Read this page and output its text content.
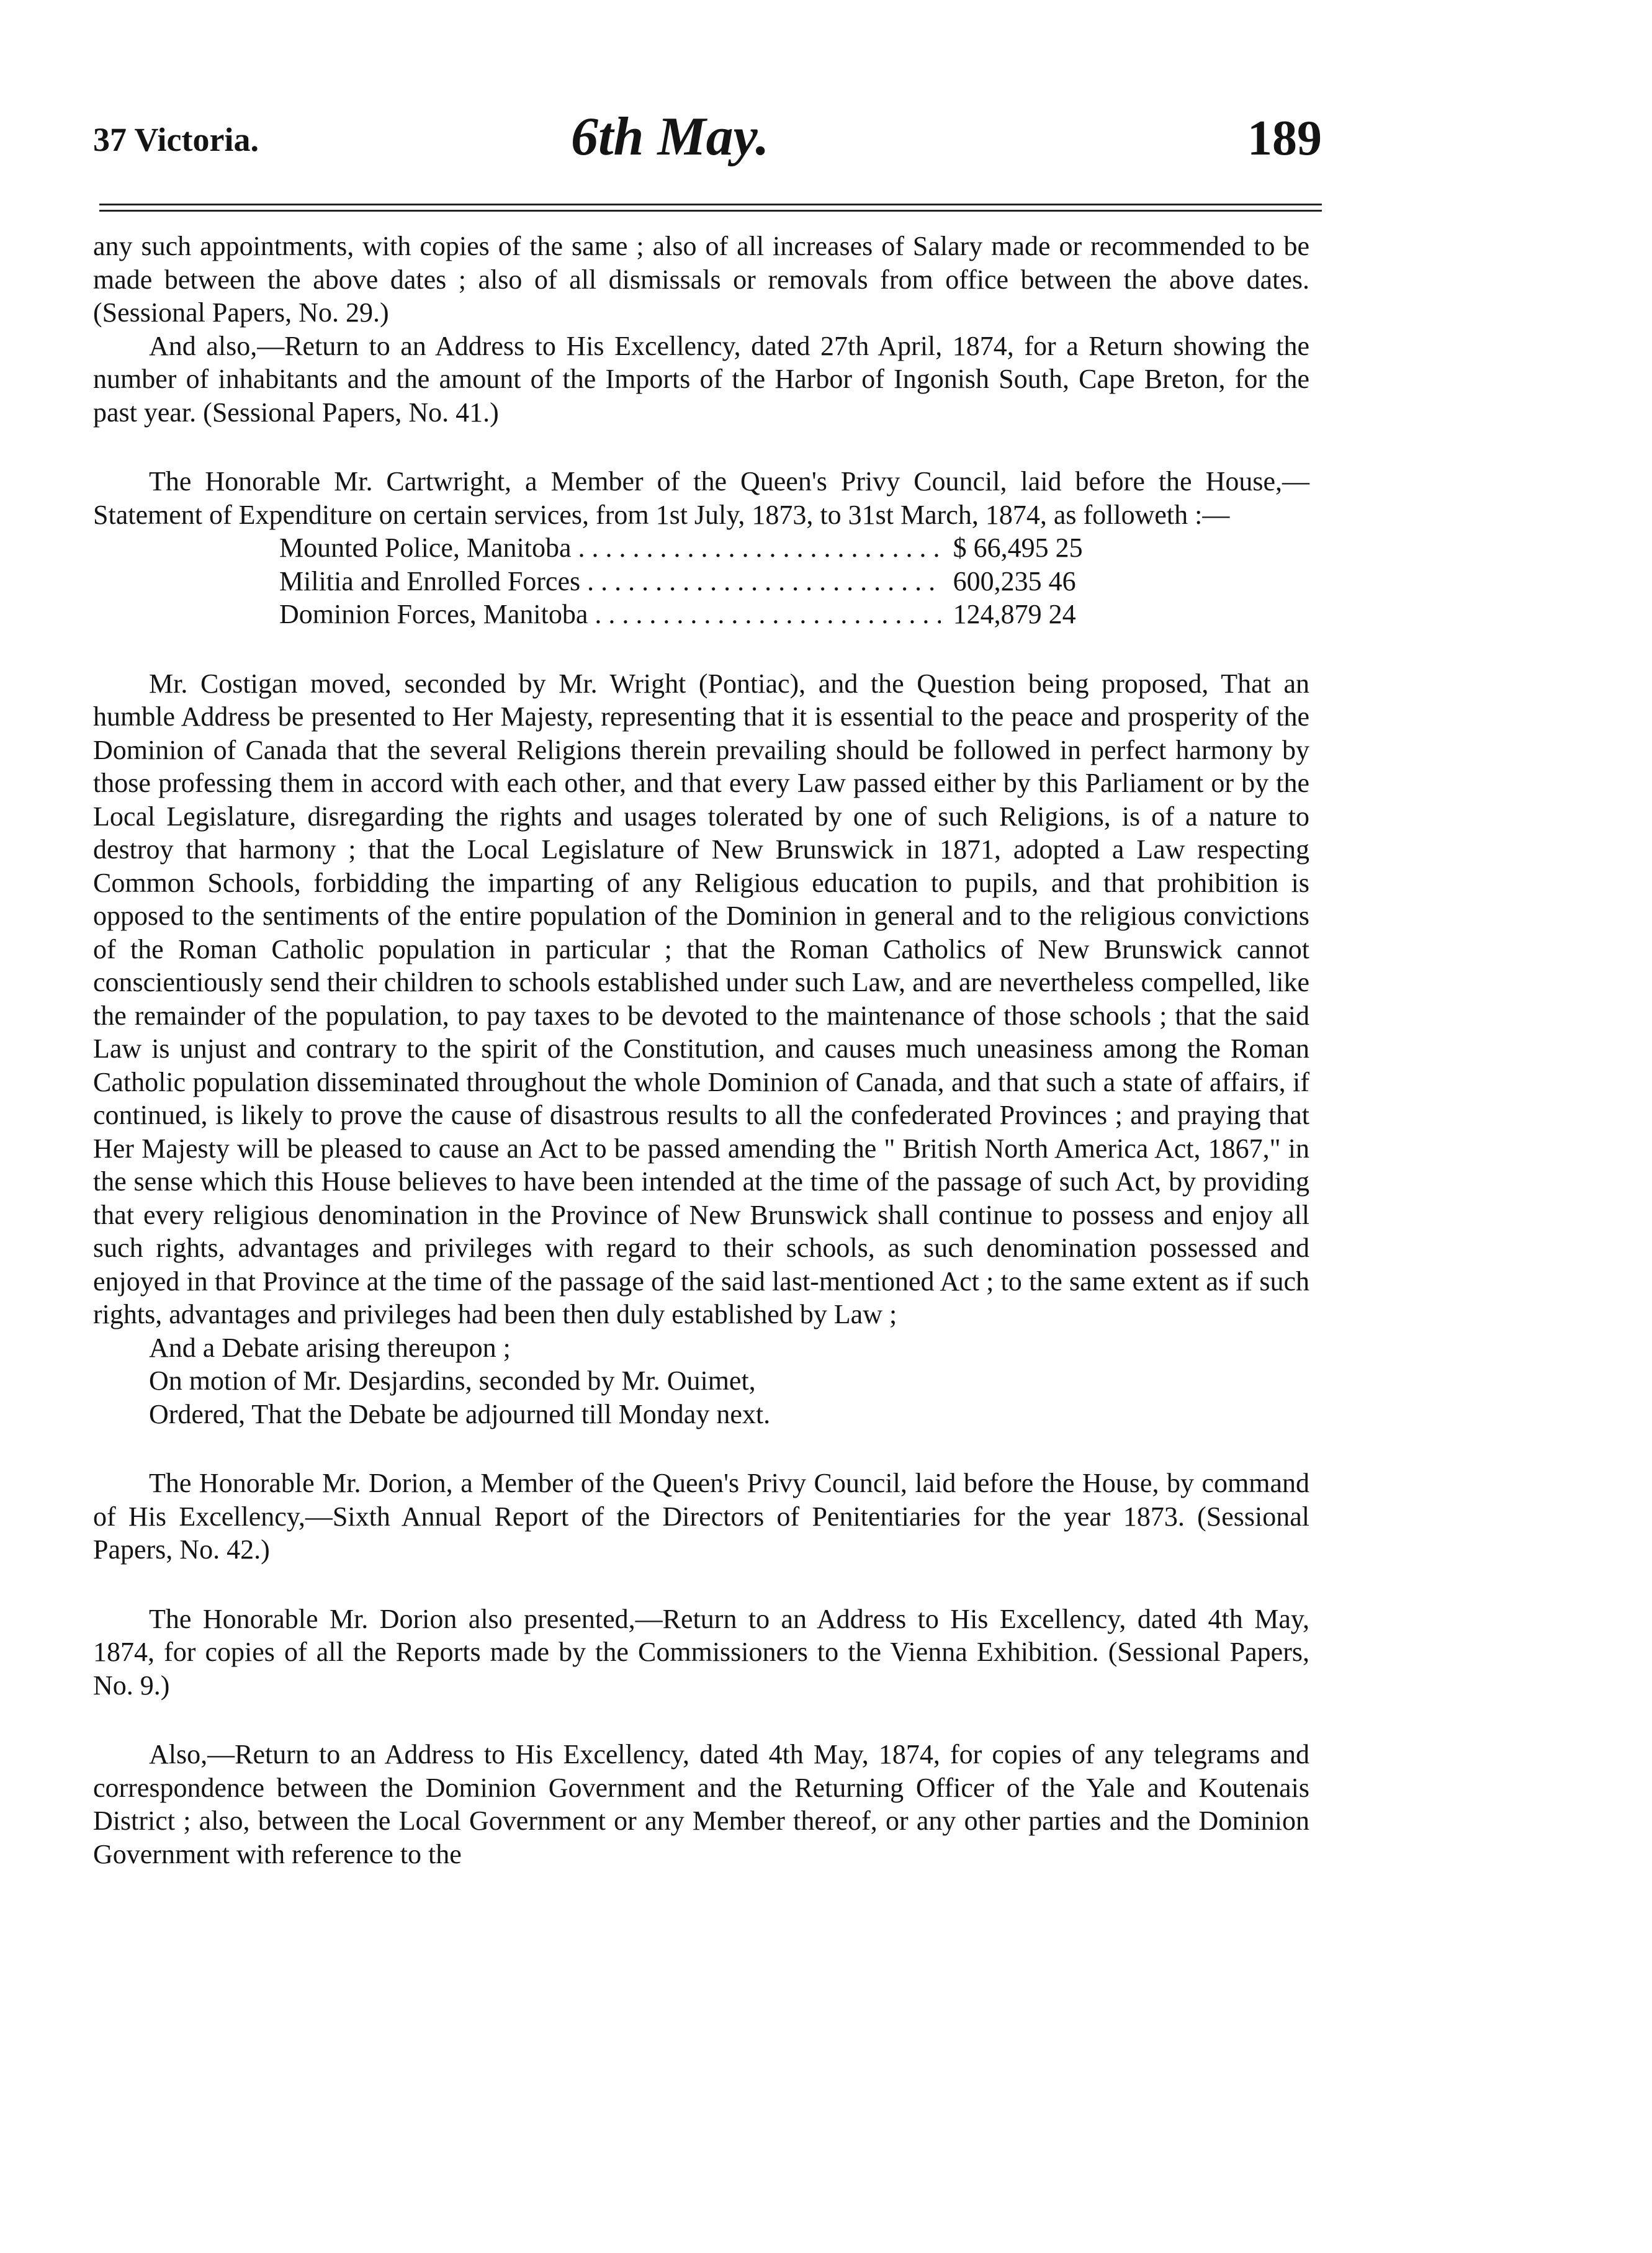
37 Victoria.	6th May.	189

any such appointments, with copies of the same ; also of all increases of Salary made or recommended to be made between the above dates ; also of all dismissals or removals from office between the above dates. (Sessional Papers, No. 29.)

And also,—Return to an Address to His Excellency, dated 27th April, 1874, for a Return showing the number of inhabitants and the amount of the Imports of the Harbor of Ingonish South, Cape Breton, for the past year. (Sessional Papers, No. 41.)

The Honorable Mr. Cartwright, a Member of the Queen's Privy Council, laid before the House,—Statement of Expenditure on certain services, from 1st July, 1873, to 31st March, 1874, as followeth :—

Mounted Police, Manitoba . . .	$ 66,495 25
Militia and Enrolled Forces . . .	600,235 46
Dominion Forces, Manitoba . . .	124,879 24

Mr. Costigan moved, seconded by Mr. Wright (Pontiac), and the Question being proposed, That an humble Address be presented to Her Majesty, representing that it is essential to the peace and prosperity of the Dominion of Canada that the several Religions therein prevailing should be followed in perfect harmony by those professing them in accord with each other, and that every Law passed either by this Parliament or by the Local Legislature, disregarding the rights and usages tolerated by one of such Religions, is of a nature to destroy that harmony ; that the Local Legislature of New Brunswick in 1871, adopted a Law respecting Common Schools, forbidding the imparting of any Religious education to pupils, and that prohibition is opposed to the sentiments of the entire population of the Dominion in general and to the religious convictions of the Roman Catholic population in particular ; that the Roman Catholics of New Brunswick cannot conscientiously send their children to schools established under such Law, and are nevertheless compelled, like the remainder of the population, to pay taxes to be devoted to the maintenance of those schools ; that the said Law is unjust and contrary to the spirit of the Constitution, and causes much uneasiness among the Roman Catholic population disseminated throughout the whole Dominion of Canada, and that such a state of affairs, if continued, is likely to prove the cause of disastrous results to all the confederated Provinces ; and praying that Her Majesty will be pleased to cause an Act to be passed amending the " British North America Act, 1867," in the sense which this House believes to have been intended at the time of the passage of such Act, by providing that every religious denomination in the Province of New Brunswick shall continue to possess and enjoy all such rights, advantages and privileges with regard to their schools, as such denomination possessed and enjoyed in that Province at the time of the passage of the said last-mentioned Act ; to the same extent as if such rights, advantages and privileges had been then duly established by Law ;

And a Debate arising thereupon ;

On motion of Mr. Desjardins, seconded by Mr. Ouimet,

Ordered, That the Debate be adjourned till Monday next.

The Honorable Mr. Dorion, a Member of the Queen's Privy Council, laid before the House, by command of His Excellency,—Sixth Annual Report of the Directors of Penitentiaries for the year 1873. (Sessional Papers, No. 42.)

The Honorable Mr. Dorion also presented,—Return to an Address to His Excellency, dated 4th May, 1874, for copies of all the Reports made by the Commissioners to the Vienna Exhibition. (Sessional Papers, No. 9.)

Also,—Return to an Address to His Excellency, dated 4th May, 1874, for copies of any telegrams and correspondence between the Dominion Government and the Returning Officer of the Yale and Koutenais District ; also, between the Local Government or any Member thereof, or any other parties and the Dominion Government with reference to the
